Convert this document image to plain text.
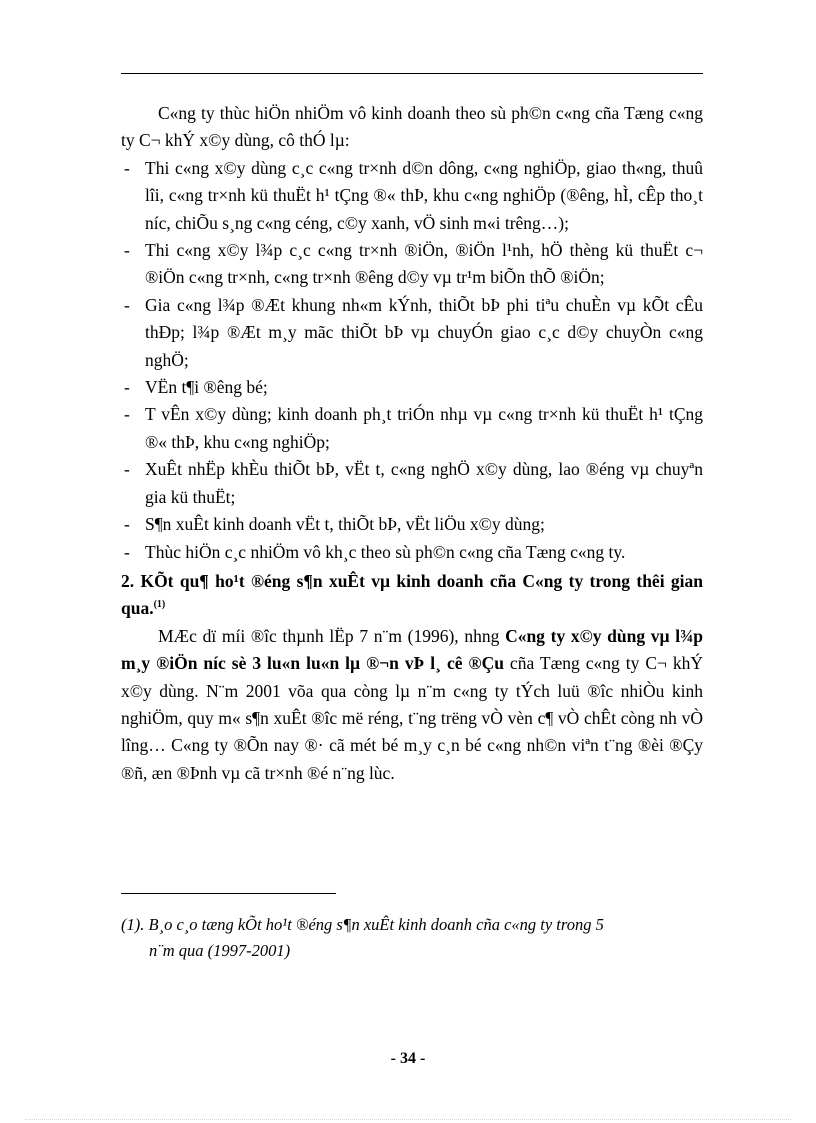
C«ng ty thùc hiÖn nhiÖm vô kinh doanh theo sù ph©n c«ng cña Tæng c«ng ty C¬ khÝ x©y dùng, cô thÓ lµ:

- Thi c«ng x©y dùng c¸c c«ng tr×nh d©n dông, c«ng nghiÖp, giao th«ng, thuû lîi, c«ng tr×nh kü thuËt h¹ tÇng ®« thÞ, khu c«ng nghiÖp (®êng, hÌ, cÊp tho¸t níc, chiÕu s¸ng c«ng céng, c©y xanh, vÖ sinh m«i trêng…);
- Thi c«ng x©y l¾p c¸c c«ng tr×nh ®iÖn, ®iÖn l¹nh, hÖ thèng kü thuËt c¬ ®iÖn c«ng tr×nh, c«ng tr×nh ®êng d©y vµ tr¹m biÕn thÕ ®iÖn;
- Gia c«ng l¾p ®Æt khung nh«m kÝnh, thiÕt bÞ phi tiªu chuÈn vµ kÕt cÊu thÐp; l¾p ®Æt m¸y mãc thiÕt bÞ vµ chuyÓn giao c¸c d©y chuyÒn c«ng nghÖ;
- VËn t¶i ®êng bé;
- T vÊn x©y dùng; kinh doanh ph¸t triÓn nhµ vµ c«ng tr×nh kü thuËt h¹ tÇng ®« thÞ, khu c«ng nghiÖp;
- XuÊt nhËp khÈu thiÕt bÞ, vËt t, c«ng nghÖ x©y dùng, lao ®éng vµ chuyªn gia kü thuËt;
- S¶n xuÊt kinh doanh vËt t, thiÕt bÞ, vËt liÖu x©y dùng;
- Thùc hiÖn c¸c nhiÖm vô kh¸c theo sù ph©n c«ng cña Tæng c«ng ty.

2. KÕt qu¶ ho¹t ®éng s¶n xuÊt vµ kinh doanh cña C«ng ty trong thêi gian qua.$^{(1)}$

MÆc dï míi ®îc thµnh lËp 7 n¨m (1996), nhng C«ng ty x©y dùng vµ l¾p m¸y ®iÖn níc sè 3 lu«n lu«n lµ ®¬n vÞ l¸ cê ®Çu cña Tæng c«ng ty C¬ khÝ x©y dùng. N¨m 2001 võa qua còng lµ n¨m c«ng ty tÝch luü ®îc nhiÒu kinh nghiÖm, quy m« s¶n xuÊt ®îc më réng, t¨ng trëng vÒ vèn c¶ vÒ chÊt còng nh vÒ lîng… C«ng ty ®Õn nay ®· cã mét bé m¸y c¸n bé c«ng nh©n viªn t¨ng ®èi ®Çy ®ñ, æn ®Þnh vµ cã tr×nh ®é n¨ng lùc.

(1). B¸o c¸o tæng kÕt ho¹t ®éng s¶n xuÊt kinh doanh cña c«ng ty trong 5
n¨m qua (1997-2001)

- 34 -
